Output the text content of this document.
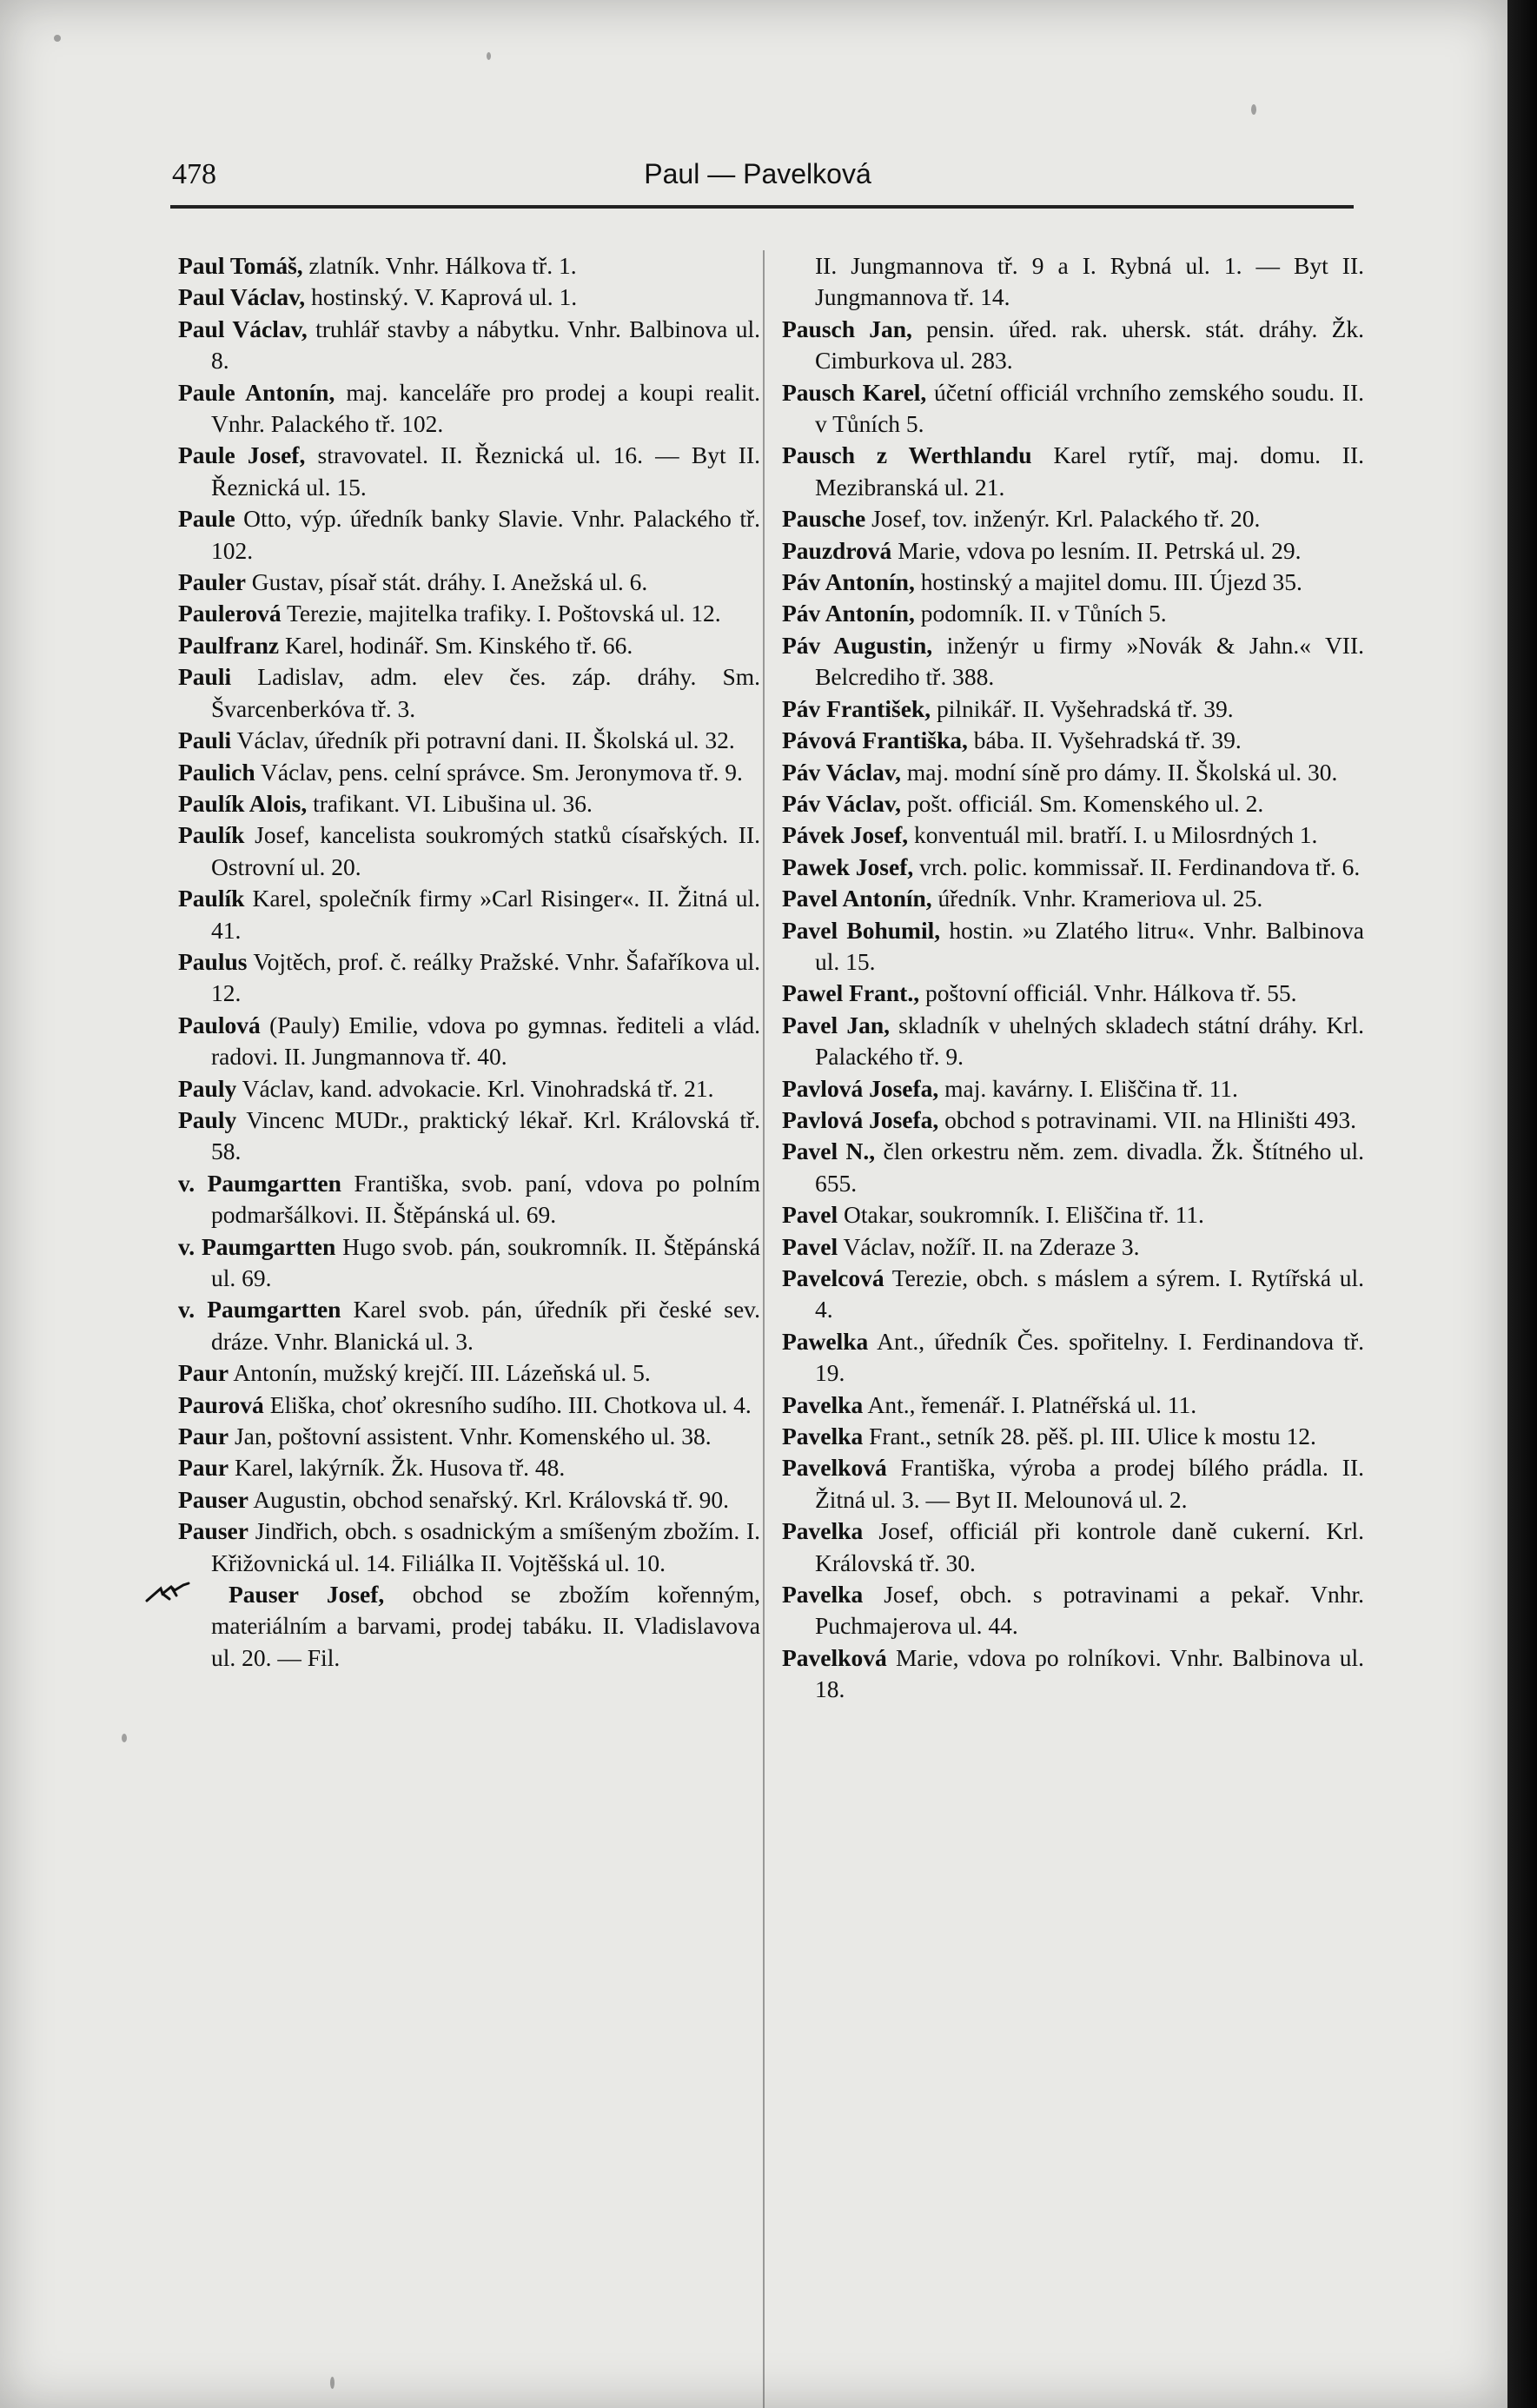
478	Paul — Pavelková

Paul Tomáš, zlatník. Vnhr. Hálkova tř. 1.

Paul Václav, hostinský. V. Kaprová ul. 1.

Paul Václav, truhlář stavby a nábytku. Vnhr. Balbinova ul. 8.

Paule Antonín, maj. kanceláře pro prodej a koupi realit. Vnhr. Palackého tř. 102.

Paule Josef, stravovatel. II. Řeznická ul. 16. — Byt II. Řeznická ul. 15.

Paule Otto, výp. úředník banky Slavie. Vnhr. Palackého tř. 102.

Pauler Gustav, písař stát. dráhy. I. Anežská ul. 6.

Paulerová Terezie, majitelka trafiky. I. Poštovská ul. 12.

Paulfranz Karel, hodinář. Sm. Kinského tř. 66.

Pauli Ladislav, adm. elev čes. záp. dráhy. Sm. Švarcenberkóva tř. 3.

Pauli Václav, úředník při potravní dani. II. Školská ul. 32.

Paulich Václav, pens. celní správce. Sm. Jeronymova tř. 9.

Paulík Alois, trafikant. VI. Libušina ul. 36.

Paulík Josef, kancelista soukromých statků císařských. II. Ostrovní ul. 20.

Paulík Karel, společník firmy »Carl Risinger«. II. Žitná ul. 41.

Paulus Vojtěch, prof. č. reálky Pražské. Vnhr. Šafaříkova ul. 12.

Paulová (Pauly) Emilie, vdova po gymnas. řediteli a vlád. radovi. II. Jungmannova tř. 40.

Pauly Václav, kand. advokacie. Krl. Vinohradská tř. 21.

Pauly Vincenc MUDr., praktický lékař. Krl. Královská tř. 58.

v. Paumgartten Františka, svob. paní, vdova po polním podmaršálkovi. II. Štěpánská ul. 69.

v. Paumgartten Hugo svob. pán, soukromník. II. Štěpánská ul. 69.

v. Paumgartten Karel svob. pán, úředník při české sev. dráze. Vnhr. Blanická ul. 3.

Paur Antonín, mužský krejčí. III. Lázeňská ul. 5.

Paurová Eliška, choť okresního sudího. III. Chotkova ul. 4.

Paur Jan, poštovní assistent. Vnhr. Komenského ul. 38.

Paur Karel, lakýrník. Žk. Husova tř. 48.

Pauser Augustin, obchod senařský. Krl. Královská tř. 90.

Pauser Jindřich, obch. s osadnickým a smíšeným zbožím. I. Křižovnická ul. 14. Filiálka II. Vojtěšská ul. 10.

Pauser Josef, obchod se zbožím kořenným, materiálním a barvami, prodej tabáku. II. Vladislavova ul. 20. — Fil.

II. Jungmannova tř. 9 a I. Rybná ul. 1. — Byt II. Jungmannova tř. 14.

Pausch Jan, pensin. úřed. rak. uhersk. stát. dráhy. Žk. Cimburkova ul. 283.

Pausch Karel, účetní officiál vrchního zemského soudu. II. v Tůních 5.

Pausch z Werthlandu Karel rytíř, maj. domu. II. Mezibranská ul. 21.

Pausche Josef, tov. inženýr. Krl. Palackého tř. 20.

Pauzdrová Marie, vdova po lesním. II. Petrská ul. 29.

Páv Antonín, hostinský a majitel domu. III. Újezd 35.

Páv Antonín, podomník. II. v Tůních 5.

Páv Augustin, inženýr u firmy »Novák & Jahn.« VII. Belcrediho tř. 388.

Páv František, pilnikář. II. Vyšehradská tř. 39.

Pávová Františka, bába. II. Vyšehradská tř. 39.

Páv Václav, maj. modní síně pro dámy. II. Školská ul. 30.

Páv Václav, pošt. officiál. Sm. Komenského ul. 2.

Pávek Josef, konventuál mil. bratří. I. u Milosrdných 1.

Pawek Josef, vrch. polic. kommissař. II. Ferdinandova tř. 6.

Pavel Antonín, úředník. Vnhr. Krameriova ul. 25.

Pavel Bohumil, hostin. »u Zlatého litru«. Vnhr. Balbinova ul. 15.

Pawel Frant., poštovní officiál. Vnhr. Hálkova tř. 55.

Pavel Jan, skladník v uhelných skladech státní dráhy. Krl. Palackého tř. 9.

Pavlová Josefa, maj. kavárny. I. Eliščina tř. 11.

Pavlová Josefa, obchod s potravinami. VII. na Hliništi 493.

Pavel N., člen orkestru něm. zem. divadla. Žk. Štítného ul. 655.

Pavel Otakar, soukromník. I. Eliščina tř. 11.

Pavel Václav, nožíř. II. na Zderaze 3.

Pavelcová Terezie, obch. s máslem a sýrem. I. Rytířská ul. 4.

Pawelka Ant., úředník Čes. spořitelny. I. Ferdinandova tř. 19.

Pavelka Ant., řemenář. I. Platnéřská ul. 11.

Pavelka Frant., setník 28. pěš. pl. III. Ulice k mostu 12.

Pavelková Františka, výroba a prodej bílého prádla. II. Žitná ul. 3. — Byt II. Melounová ul. 2.

Pavelka Josef, officiál při kontrole daně cukerní. Krl. Královská tř. 30.

Pavelka Josef, obch. s potravinami a pekař. Vnhr. Puchmajerova ul. 44.

Pavelková Marie, vdova po rolníkovi. Vnhr. Balbinova ul. 18.
